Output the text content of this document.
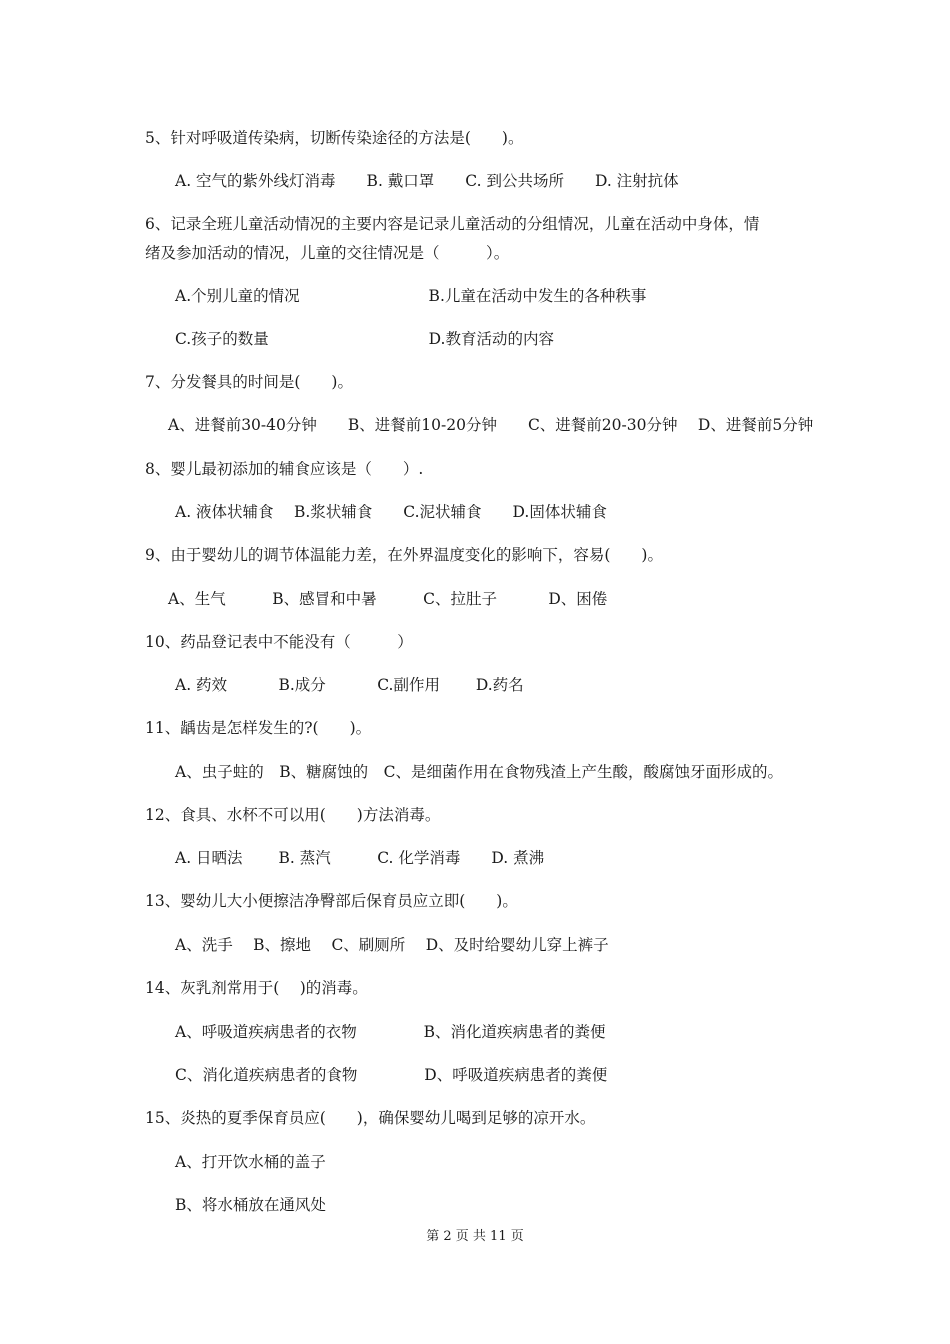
5、针对呼吸道传染病，切断传染途径的方法是(　　)。
A. 空气的紫外线灯消毒　　B. 戴口罩　　C. 到公共场所　　D. 注射抗体
6、记录全班儿童活动情况的主要内容是记录儿童活动的分组情况，儿童在活动中身体，情
绪及参加活动的情况，儿童的交往情况是（　　　）。
A.个别儿童的情况　　　　　　　　 B.儿童在活动中发生的各种秩事
C.孩子的数量　　　　　　　　　　 D.教育活动的内容
7、分发餐具的时间是(　　)。
A、进餐前30-40分钟　　B、进餐前10-20分钟　　C、进餐前20-30分钟　 D、进餐前5分钟
8、婴儿最初添加的辅食应该是（　　）.
A. 液体状辅食　 B.浆状辅食　　C.泥状辅食　　D.固体状辅食
9、由于婴幼儿的调节体温能力差，在外界温度变化的影响下，容易(　　)。
A、生气　　　B、感冒和中暑　　　C、拉肚子　　　 D、困倦
10、药品登记表中不能没有（　　　）
A. 药效　　　 B.成分　　　 C.副作用　　 D.药名
11、龋齿是怎样发生的?(　　)。
A、虫子蛀的　B、糖腐蚀的　C、是细菌作用在食物残渣上产生酸，酸腐蚀牙面形成的。
12、食具、水杯不可以用(　　)方法消毒。
A. 日晒法　　 B. 蒸汽　　　C. 化学消毒　　D. 煮沸
13、婴幼儿大小便擦洁净臀部后保育员应立即(　　)。
A、洗手　 B、擦地　 C、刷厕所　 D、及时给婴幼儿穿上裤子
14、灰乳剂常用于(　 )的消毒。
A、呼吸道疾病患者的衣物　　　　 B、消化道疾病患者的粪便
C、消化道疾病患者的食物　　　　 D、呼吸道疾病患者的粪便
15、炎热的夏季保育员应(　　)，确保婴幼儿喝到足够的凉开水。
A、打开饮水桶的盖子
B、将水桶放在通风处
第 2 页 共 11 页
